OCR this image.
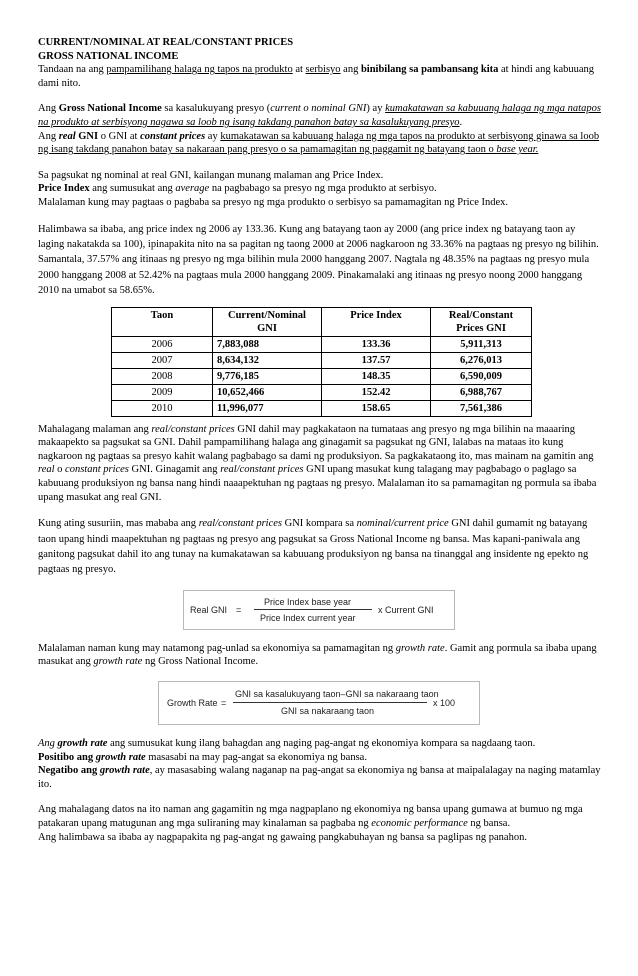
CURRENT/NOMINAL AT REAL/CONSTANT PRICES

GROSS NATIONAL INCOME

Tandaan na ang pampamilihang halaga ng tapos na produkto at serbisyo ang binibilang sa pambansang kita at hindi ang kabuuang dami nito.

Ang Gross National Income sa kasalukuyang presyo (current o nominal GNI) ay kumakatawan sa kabuuang halaga ng mga natapos na produkto at serbisyong nagawa sa loob ng isang takdang panahon batay sa kasalukuyang presyo.

Ang real GNI o GNI at constant prices ay kumakatawan sa kabuuang halaga ng mga tapos na produkto at serbisyong ginawa sa loob ng isang takdang panahon batay sa nakaraan pang presyo o sa pamamagitan ng paggamit ng batayang taon o base year.

Sa pagsukat ng nominal at real GNI, kailangan munang malaman ang Price Index.

Price Index ang sumusukat ang average na pagbabago sa presyo ng mga produkto at serbisyo.

Malalaman kung may pagtaas o pagbaba sa presyo ng mga produkto o serbisyo sa pamamagitan ng Price Index.

Halimbawa sa ibaba, ang price index ng 2006 ay 133.36. Kung ang batayang taon ay 2000 (ang price index ng batayang taon ay laging nakatakda sa 100), ipinapakita nito na sa pagitan ng taong 2000 at 2006 nagkaroon ng 33.36% na pagtaas ng presyo ng bilihin. Samantala, 37.57% ang itinaas ng presyo ng mga bilihin mula 2000 hanggang 2007. Nagtala ng 48.35% na pagtaas ng presyo mula 2000 hanggang 2008 at 52.42% na pagtaas mula 2000 hanggang 2009. Pinakamalaki ang itinaas ng presyo noong 2000 hanggang 2010 na umabot sa 58.65%.

Taon	Current/Nominal GNI	Price Index	Real/Constant Prices GNI
2006	7,883,088	133.36	5,911,313
2007	8,634,132	137.57	6,276,013
2008	9,776,185	148.35	6,590,009
2009	10,652,466	152.42	6,988,767
2010	11,996,077	158.65	7,561,386

Mahalagang malaman ang real/constant prices GNI dahil may pagkakataon na tumataas ang presyo ng mga bilihin na maaaring makaapekto sa pagsukat sa GNI. Dahil pampamilihang halaga ang ginagamit sa pagsukat ng GNI, lalabas na mataas ito kung nagkaroon ng pagtaas sa presyo kahit walang pagbabago sa dami ng produksiyon. Sa pagkakataong ito, mas mainam na gamitin ang real o constant prices GNI. Ginagamit ang real/constant prices GNI upang masukat kung talagang may pagbabago o paglago sa kabuuang produksiyon ng bansa nang hindi naaapektuhan ng pagtaas ng presyo. Malalaman ito sa pamamagitan ng pormula sa ibaba upang masukat ang real GNI.

Kung ating susuriin, mas mababa ang real/constant prices GNI kompara sa nominal/current price GNI dahil gumamit ng batayang taon upang hindi maapektuhan ng pagtaas ng presyo ang pagsukat sa Gross National Income ng bansa. Mas kapani-paniwala ang ganitong pagsukat dahil ito ang tunay na kumakatawan sa kabuuang produksiyon ng bansa na tinanggal ang insidente ng epekto ng pagtaas ng presyo.

Real GNI =
Price Index base year
Price Index current year
x Current GNI

Malalaman naman kung may natamong pag-unlad sa ekonomiya sa pamamagitan ng growth rate. Gamit ang pormula sa ibaba upang masukat ang growth rate ng Gross National Income.

Growth Rate =
GNI sa kasalukuyang taon–GNI sa nakaraang taon
GNI sa nakaraang taon
x 100

Ang growth rate ang sumusukat kung ilang bahagdan ang naging pag-angat ng ekonomiya kompara sa nagdaang taon.

Positibo ang growth rate masasabi na may pag-angat sa ekonomiya ng bansa.

Negatibo ang growth rate, ay masasabing walang naganap na pag-angat sa ekonomiya ng bansa at maipalalagay na naging matamlay ito.

Ang mahalagang datos na ito naman ang gagamitin ng mga nagpaplano ng ekonomiya ng bansa upang gumawa at bumuo ng mga patakaran upang matugunan ang mga suliraning may kinalaman sa pagbaba ng economic performance ng bansa.

Ang halimbawa sa ibaba ay nagpapakita ng pag-angat ng gawaing pangkabuhayan ng bansa sa paglipas ng panahon.
